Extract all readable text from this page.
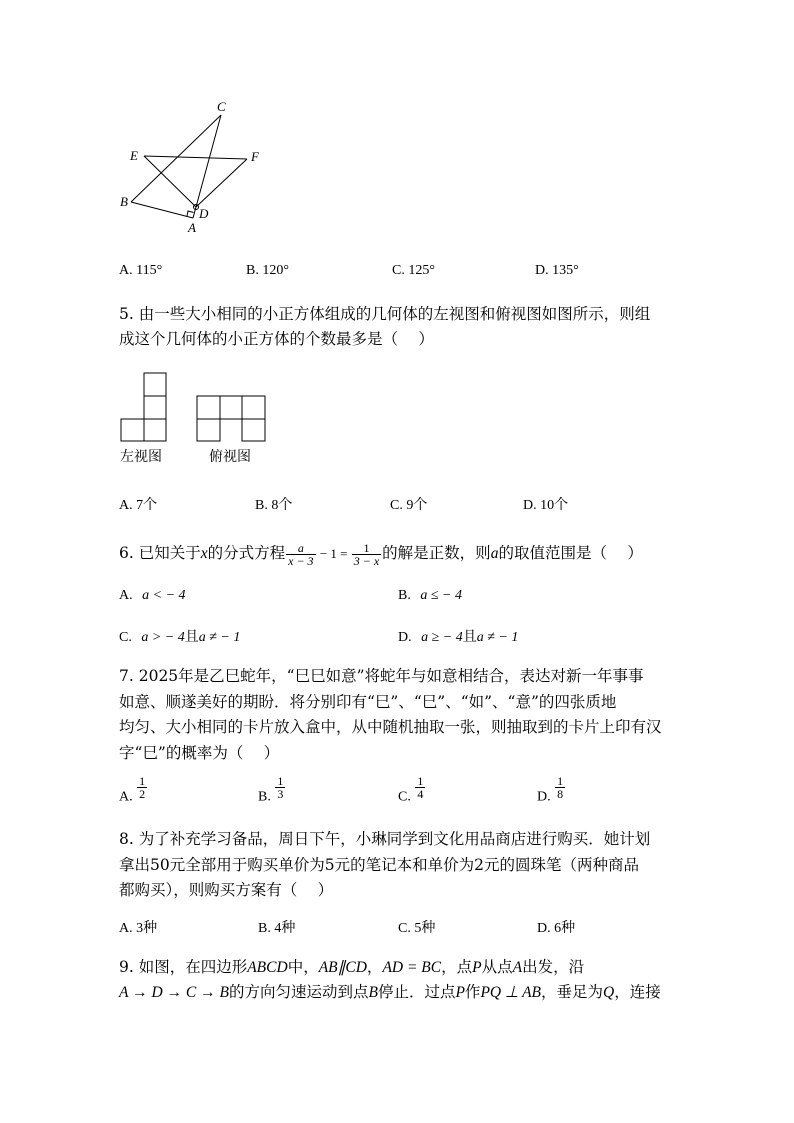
C
E	F
B
D
A
A. 115°	B. 120°	C. 125°	D. 135°
5. 由一些大小相同的小正方体组成的几何体的左视图和俯视图如图所示，则组
成这个几何体的小正方体的个数最多是（　 ）
左视图	俯视图
A. 7个	B. 8个	C. 9个	D. 10个
6. 已知关于x的分式方程 $\frac{a}{x - 3} - 1 = \frac{1}{3 - x}$ 的解是正数，则a的取值范围是（　 ）
A. a < − 4	B. a ≤ − 4
C. a > − 4且a ≠ − 1	D. a ≥ − 4且a ≠ − 1
7. 2025年是乙巳蛇年，“巳巳如意”将蛇年与如意相结合，表达对新一年事事
如意、顺遂美好的期盼．将分别印有“巳”、“巳”、“如”、“意”的四张质地
均匀、大小相同的卡片放入盒中，从中随机抽取一张，则抽取到的卡片上印有汉
字“巳”的概率为（　 ）
A. $\frac{1}{2}$	B. $\frac{1}{3}$	C. $\frac{1}{4}$	D. $\frac{1}{8}$
8. 为了补充学习备品，周日下午，小琳同学到文化用品商店进行购买．她计划
拿出50元全部用于购买单价为5元的笔记本和单价为2元的圆珠笔（两种商品
都购买），则购买方案有（　 ）
A. 3种	B. 4种	C. 5种	D. 6种
9. 如图，在四边形ABCD中，AB∥CD，AD = BC，点P从点A出发，沿
A → D → C → B的方向匀速运动到点B停止．过点P作PQ ⊥ AB，垂足为Q，连接
